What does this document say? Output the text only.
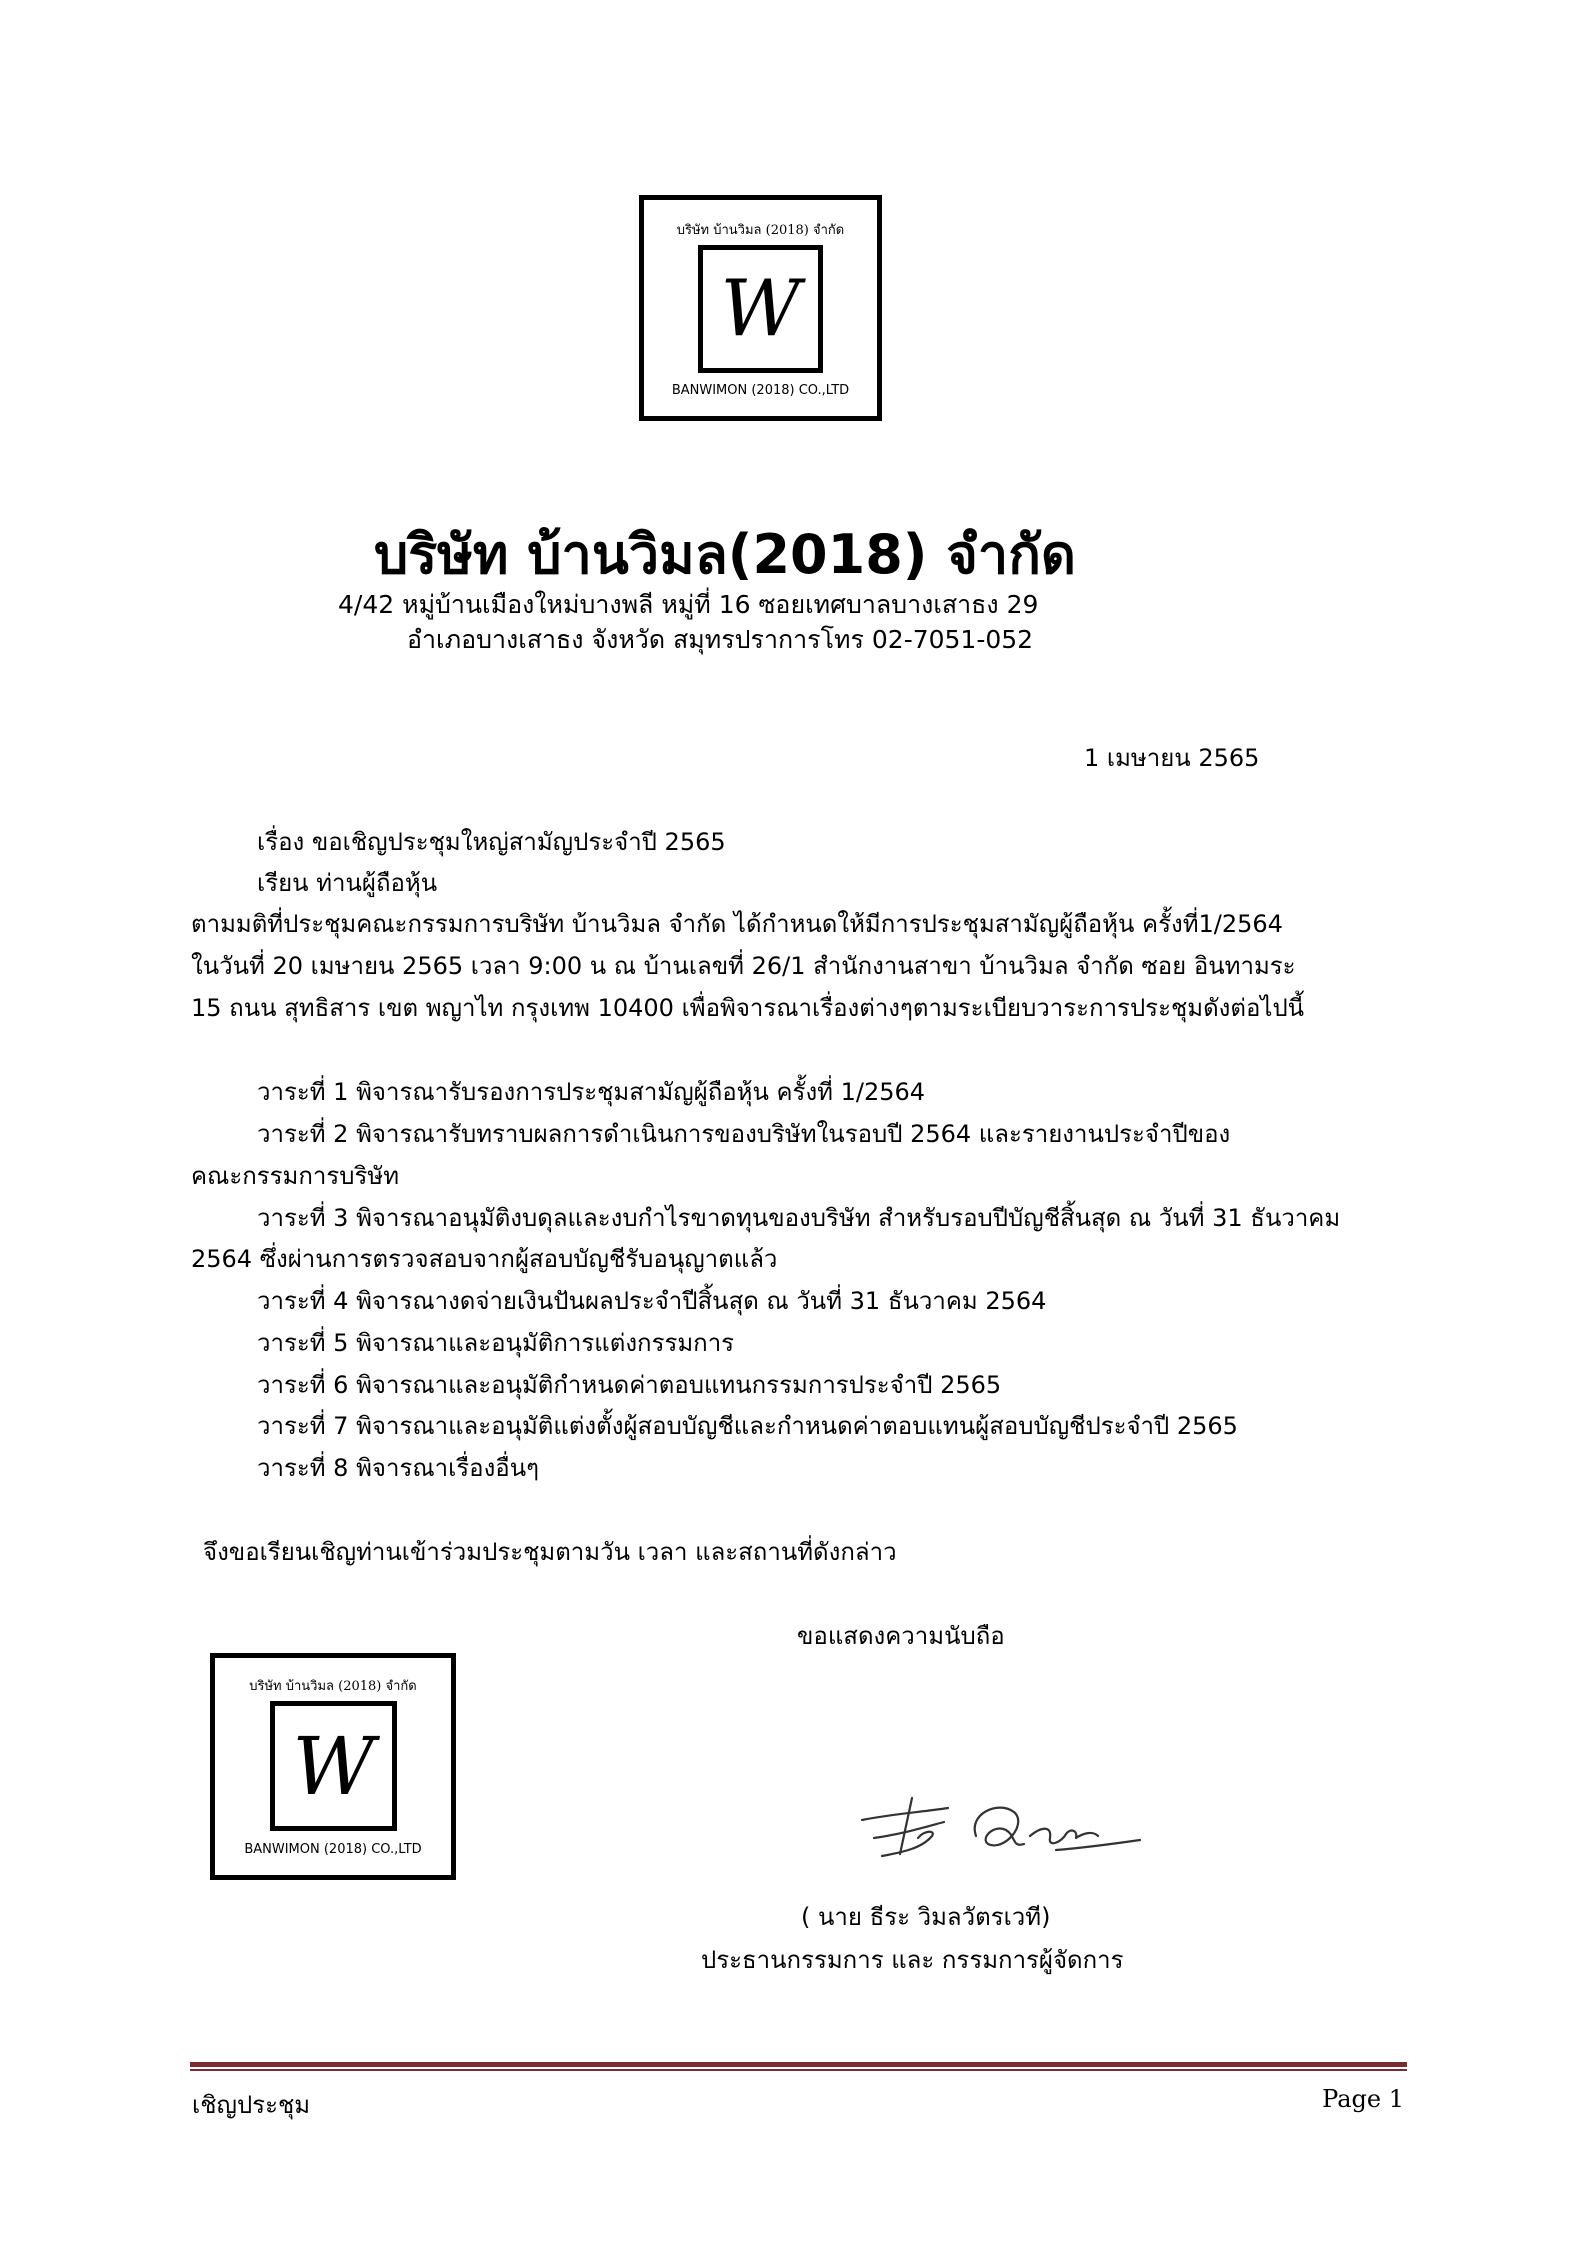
บริษัท บ้านวิมล (2018) จำกัด
W
BANWIMON (2018) CO.,LTD
บริษัท บ้านวิมล(2018) จำกัด
4/42 หมู่บ้านเมืองใหม่บางพลี หมู่ที่ 16 ซอยเทศบาลบางเสาธง 29
อำเภอบางเสาธง จังหวัด สมุทรปราการโทร 02-7051-052
1 เมษายน 2565
เรื่อง ขอเชิญประชุมใหญ่สามัญประจำปี 2565
เรียน ท่านผู้ถือหุ้น
ตามมติที่ประชุมคณะกรรมการบริษัท บ้านวิมล จำกัด ได้กำหนดให้มีการประชุมสามัญผู้ถือหุ้น ครั้งที่1/2564
ในวันที่ 20 เมษายน 2565 เวลา 9:00 น ณ บ้านเลขที่ 26/1 สำนักงานสาขา บ้านวิมล จำกัด ซอย อินทามระ
15 ถนน สุทธิสาร เขต พญาไท กรุงเทพ 10400 เพื่อพิจารณาเรื่องต่างๆตามระเบียบวาระการประชุมดังต่อไปนี้
วาระที่ 1 พิจารณารับรองการประชุมสามัญผู้ถือหุ้น ครั้งที่ 1/2564
วาระที่ 2 พิจารณารับทราบผลการดำเนินการของบริษัทในรอบปี 2564 และรายงานประจำปีของ
คณะกรรมการบริษัท
วาระที่ 3 พิจารณาอนุมัติงบดุลและงบกำไรขาดทุนของบริษัท สำหรับรอบปีบัญชีสิ้นสุด ณ วันที่ 31 ธันวาคม
2564 ซึ่งผ่านการตรวจสอบจากผู้สอบบัญชีรับอนุญาตแล้ว
วาระที่ 4 พิจารณางดจ่ายเงินปันผลประจำปีสิ้นสุด ณ วันที่ 31 ธันวาคม 2564
วาระที่ 5 พิจารณาและอนุมัติการแต่งกรรมการ
วาระที่ 6 พิจารณาและอนุมัติกำหนดค่าตอบแทนกรรมการประจำปี 2565
วาระที่ 7 พิจารณาและอนุมัติแต่งตั้งผู้สอบบัญชีและกำหนดค่าตอบแทนผู้สอบบัญชีประจำปี 2565
วาระที่ 8 พิจารณาเรื่องอื่นๆ
จึงขอเรียนเชิญท่านเข้าร่วมประชุมตามวัน เวลา และสถานที่ดังกล่าว
ขอแสดงความนับถือ
บริษัท บ้านวิมล (2018) จำกัด
W
BANWIMON (2018) CO.,LTD
( นาย ธีระ วิมลวัตรเวที)
ประธานกรรมการ และ กรรมการผู้จัดการ
เชิญประชุม	Page 1
